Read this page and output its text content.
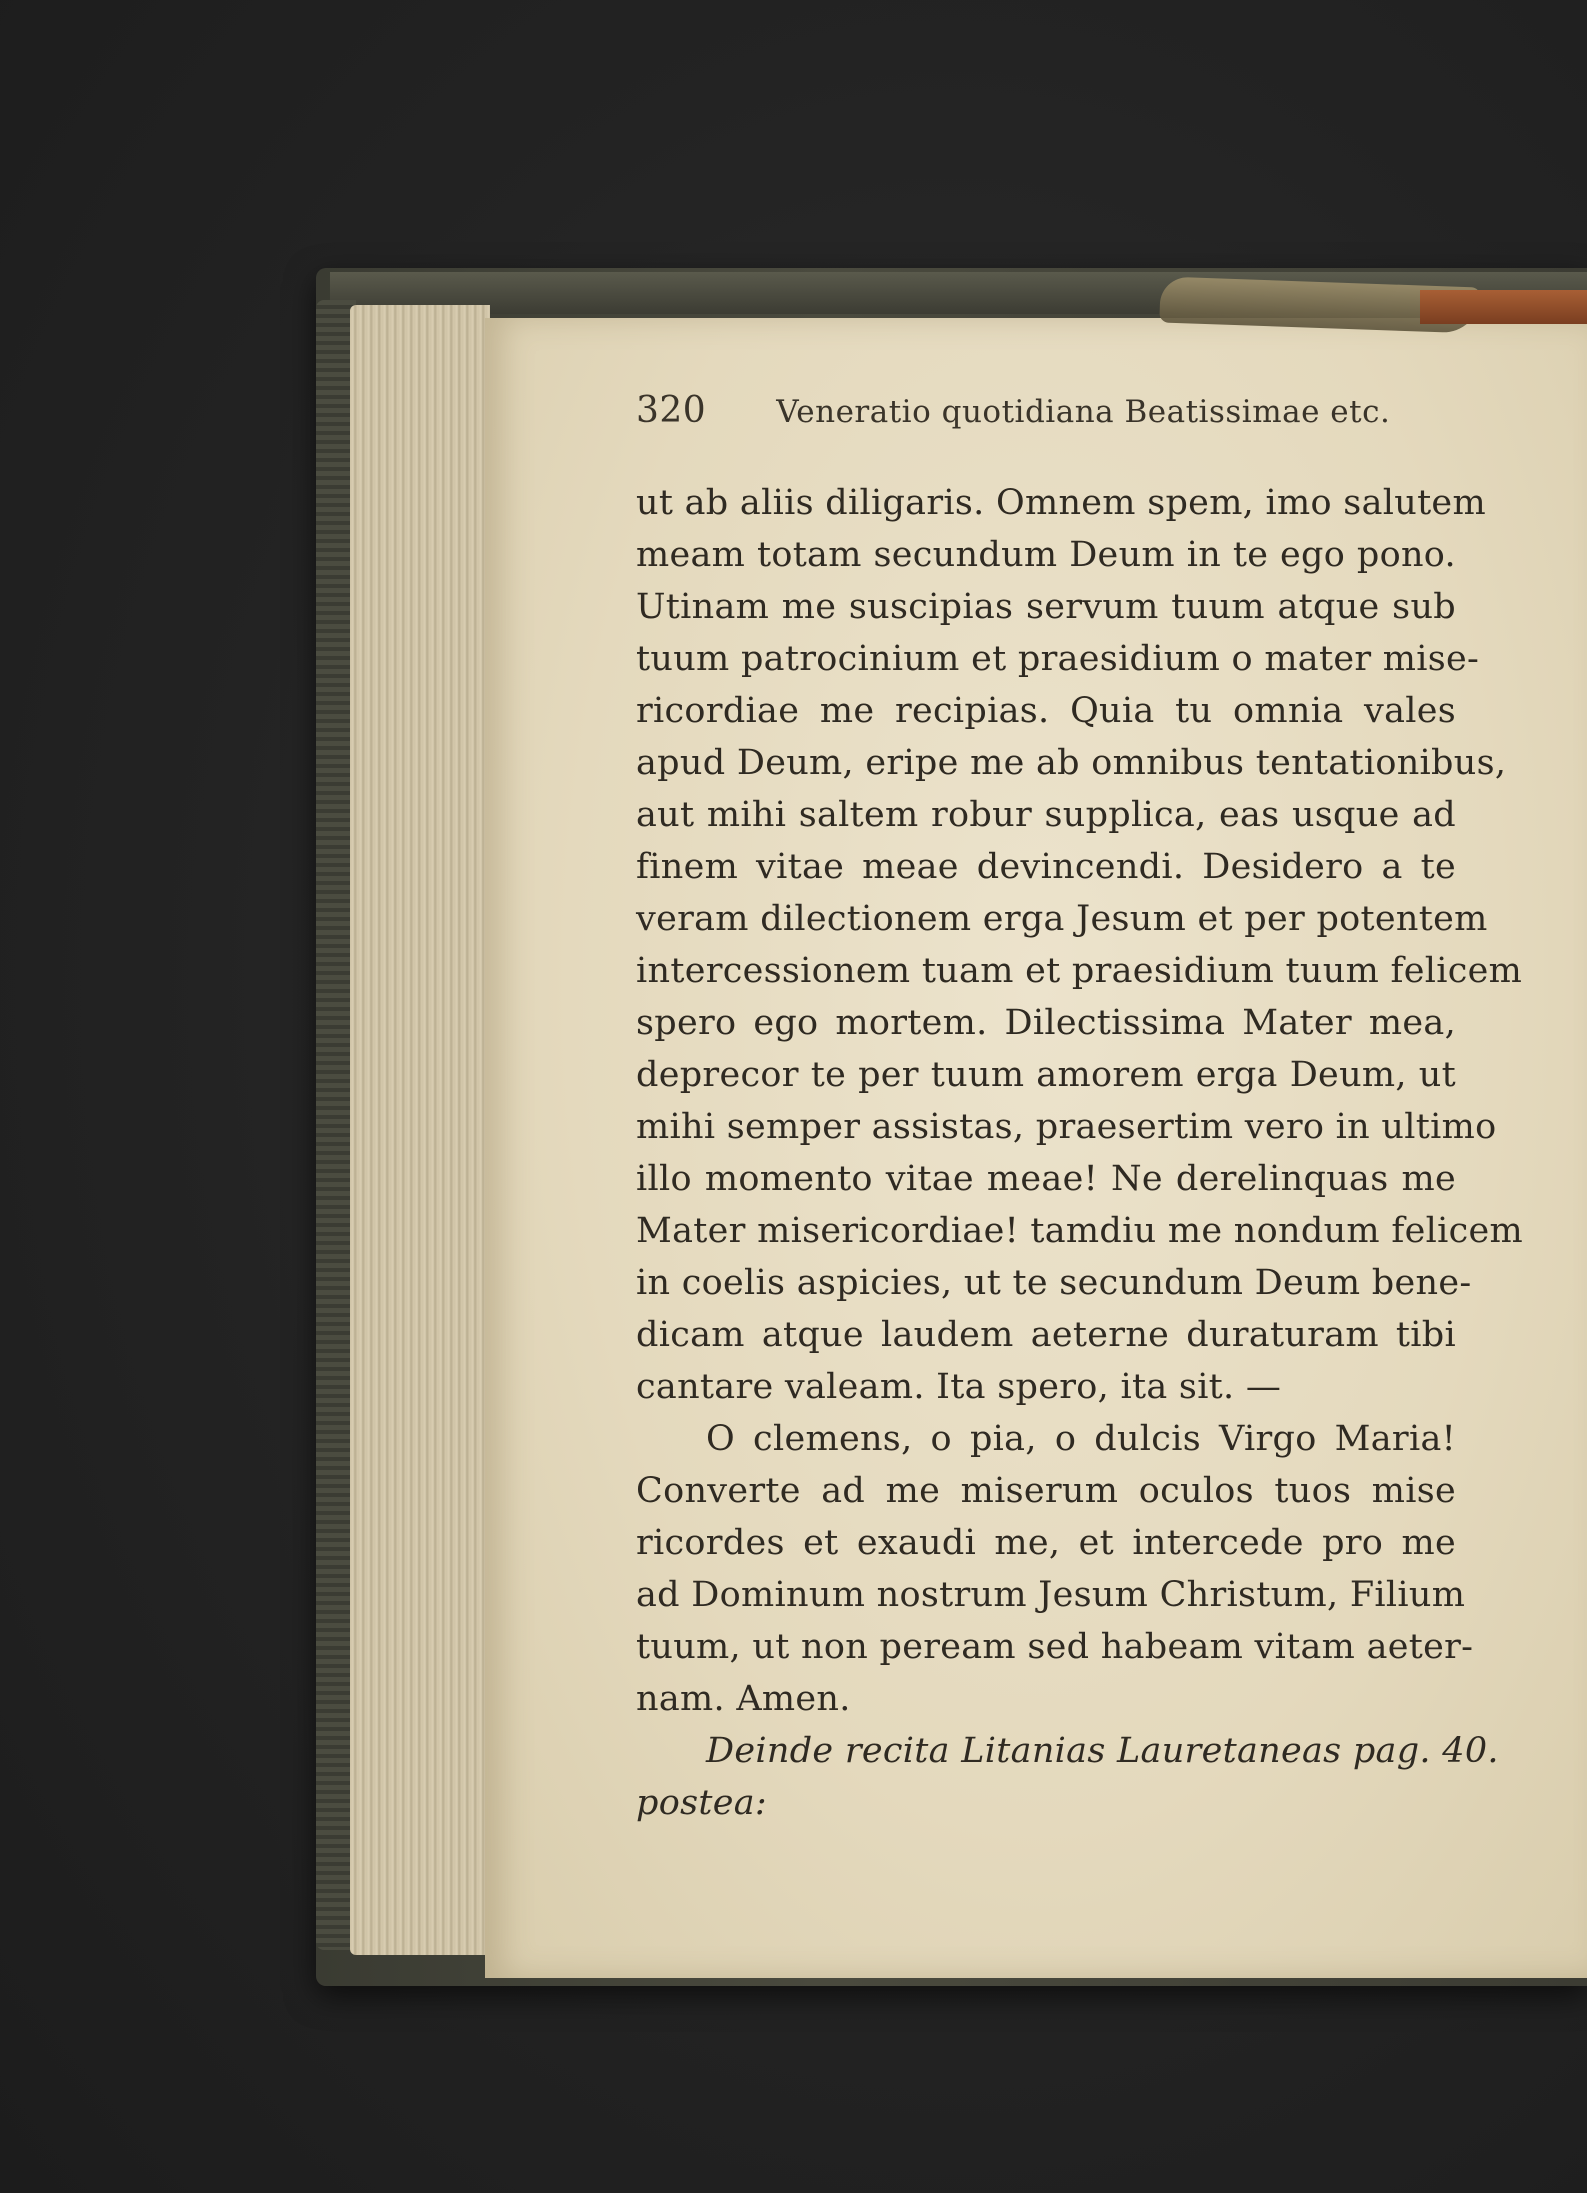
320 Veneratio quotidiana Beatissimae etc.
ut ab aliis diligaris. Omnem spem, imo salutem
meam totam secundum Deum in te ego pono.
Utinam me suscipias servum tuum atque sub
tuum patrocinium et praesidium o mater mise-
ricordiae me recipias. Quia tu omnia vales
apud Deum, eripe me ab omnibus tentationibus,
aut mihi saltem robur supplica, eas usque ad
finem vitae meae devincendi. Desidero a te
veram dilectionem erga Jesum et per potentem
intercessionem tuam et praesidium tuum felicem
spero ego mortem. Dilectissima Mater mea,
deprecor te per tuum amorem erga Deum, ut
mihi semper assistas, praesertim vero in ultimo
illo momento vitae meae! Ne derelinquas me
Mater misericordiae! tamdiu me nondum felicem
in coelis aspicies, ut te secundum Deum bene-
dicam atque laudem aeterne duraturam tibi
cantare valeam. Ita spero, ita sit. —
O clemens, o pia, o dulcis Virgo Maria!
Converte ad me miserum oculos tuos mise
ricordes et exaudi me, et intercede pro me
ad Dominum nostrum Jesum Christum, Filium
tuum, ut non peream sed habeam vitam aeter-
nam. Amen.
Deinde recita Litanias Lauretaneas pag. 40.
postea:
